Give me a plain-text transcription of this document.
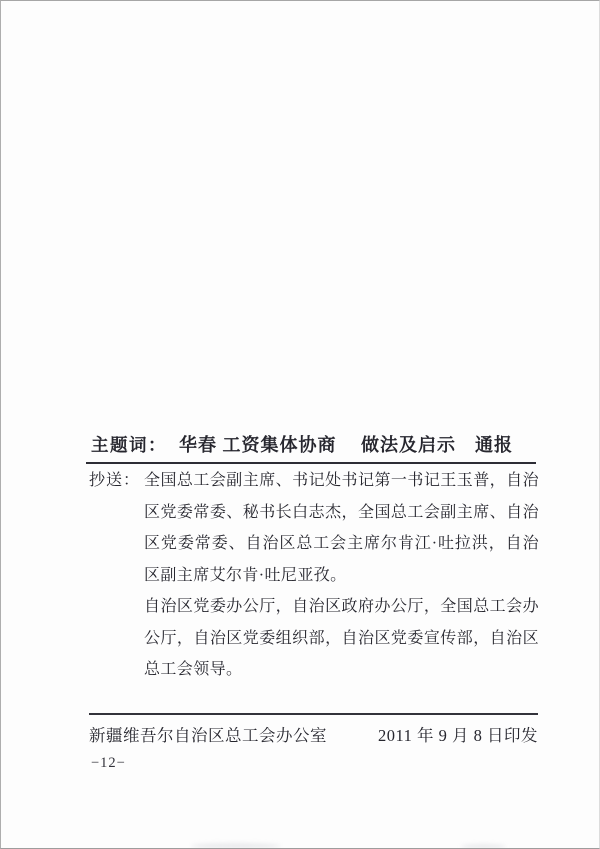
主题词： 华春 工资集体协商　 做法及启示　通报
抄送： 全国总工会副主席、书记处书记第一书记王玉普，自治区党委常委、秘书长白志杰，全国总工会副主席、自治区党委常委、自治区总工会主席尔肯江·吐拉洪，自治区副主席艾尔肯·吐尼亚孜。

自治区党委办公厅，自治区政府办公厅，全国总工会办公厅，自治区党委组织部，自治区党委宣传部，自治区总工会领导。

新疆维吾尔自治区总工会办公室	2011 年 9 月 8 日印发
−12−
